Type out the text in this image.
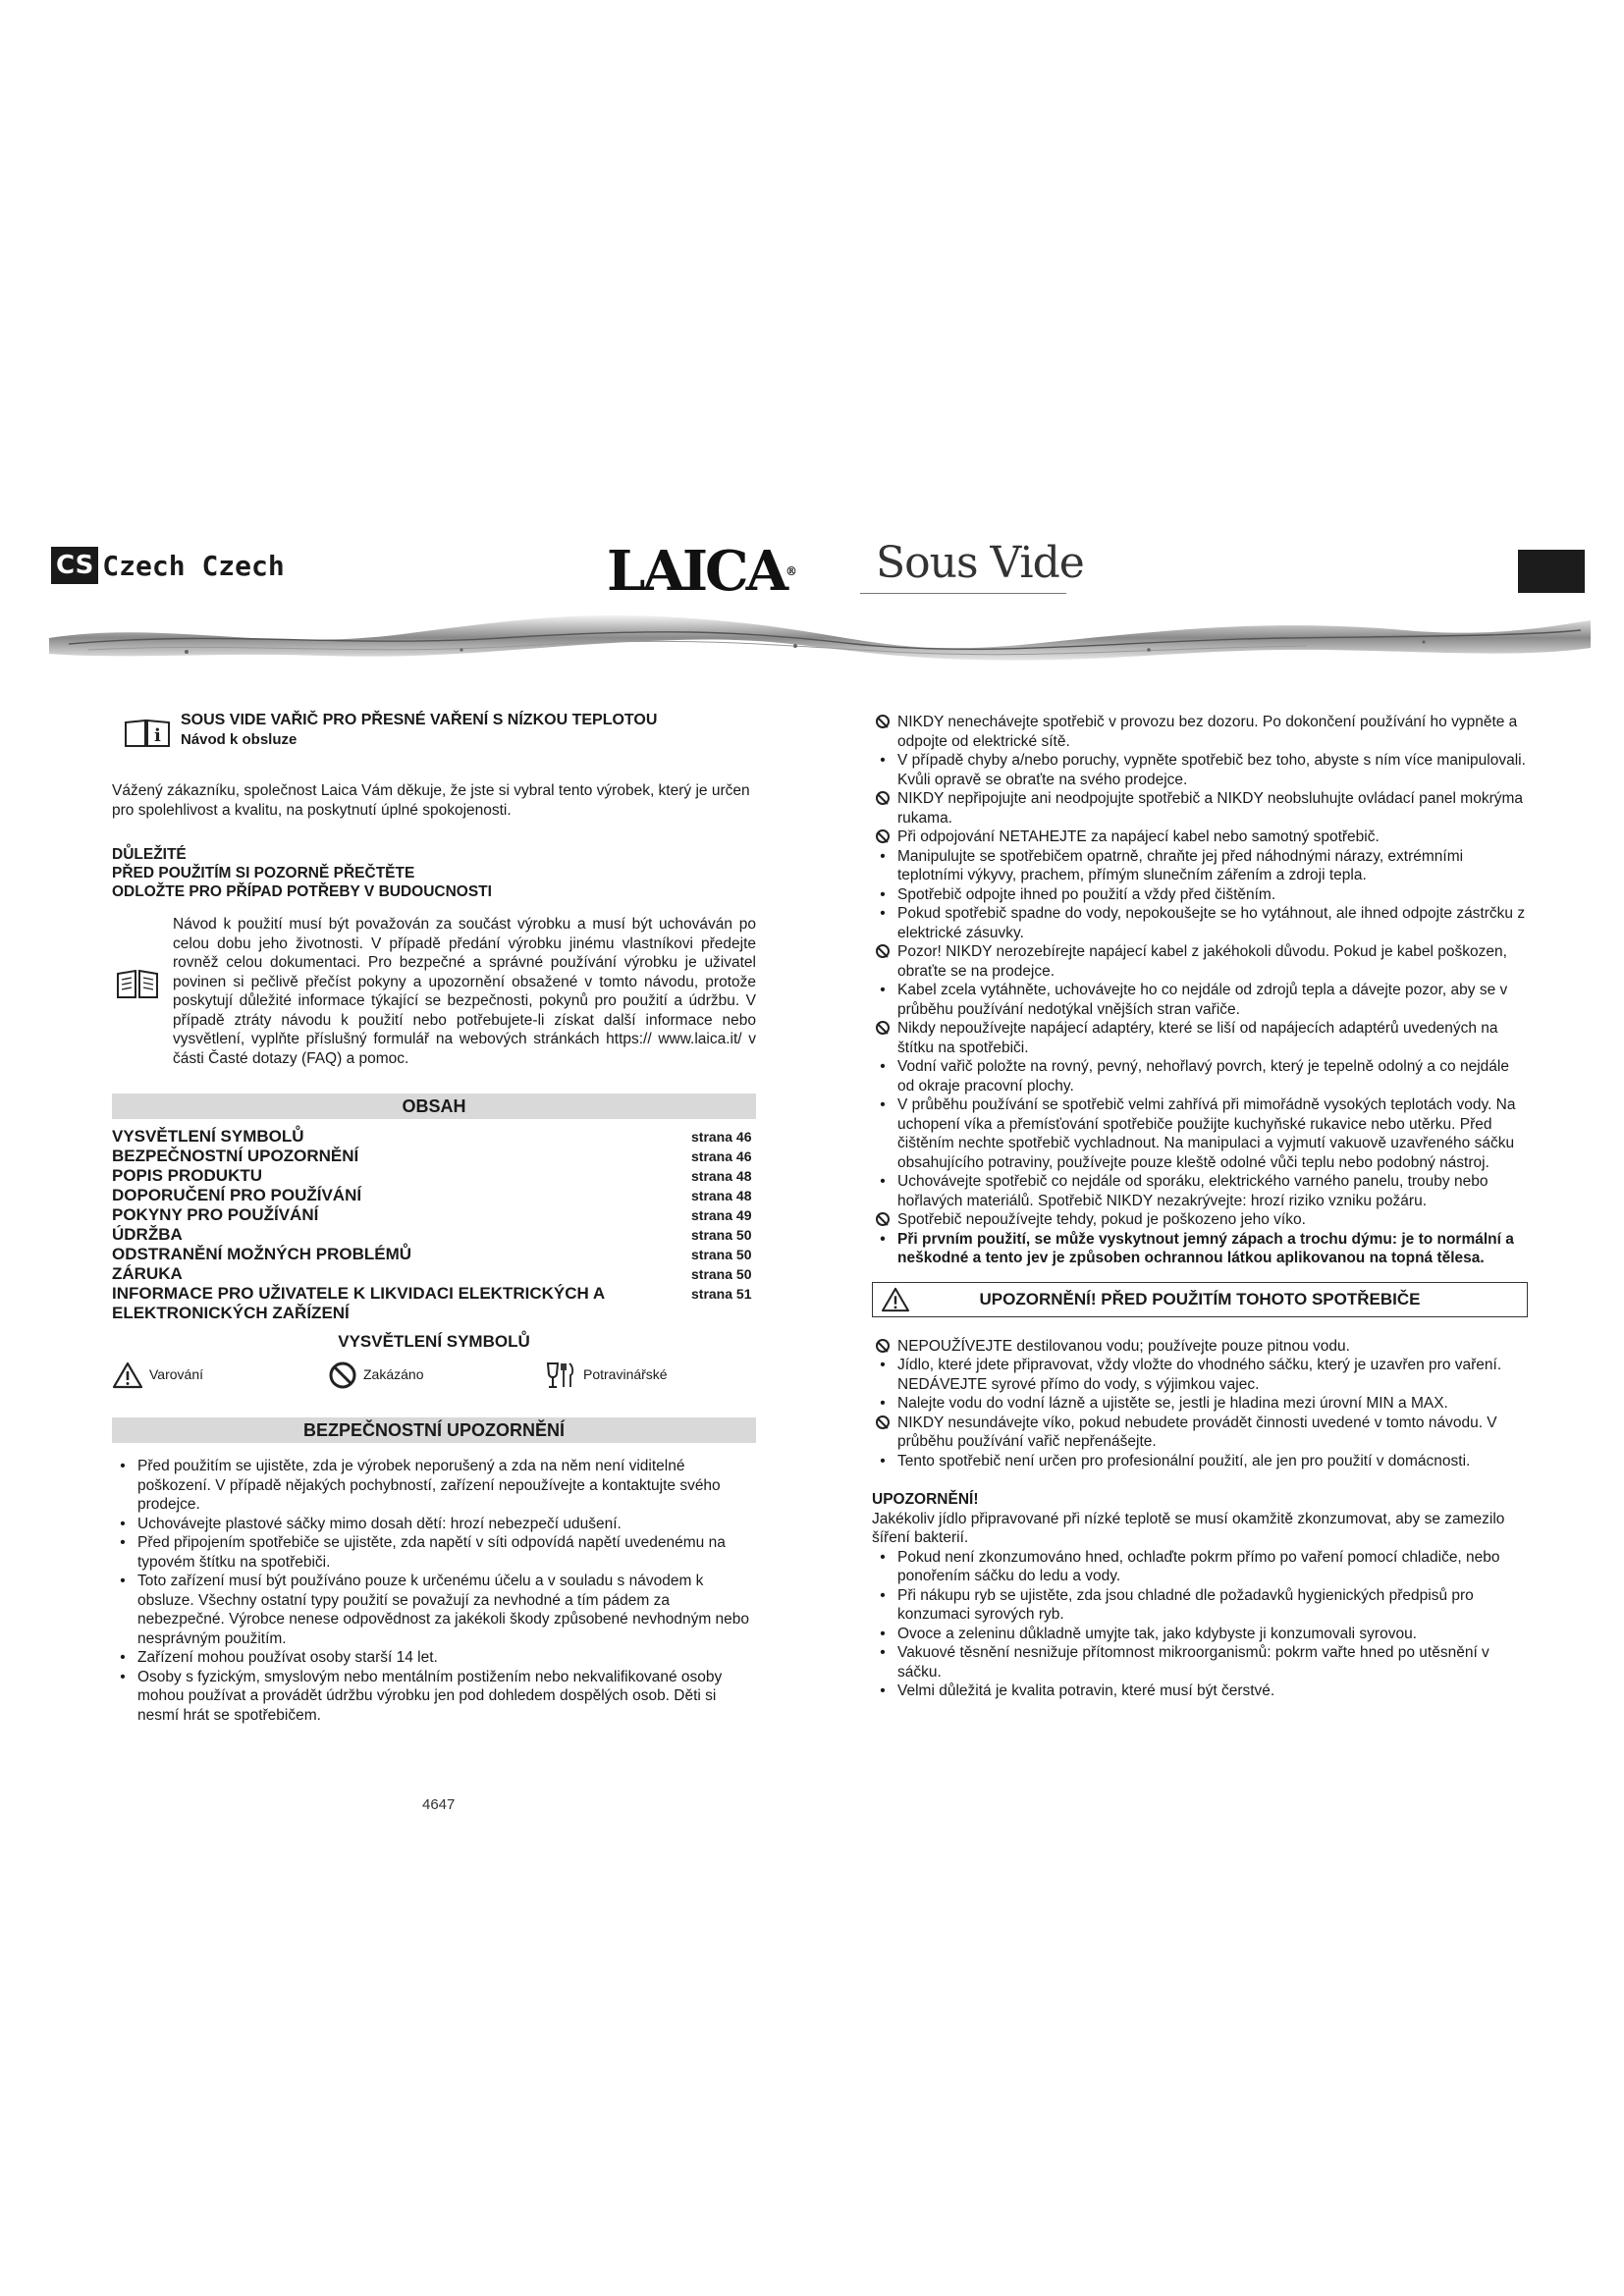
CS Czech Czech	LAICA® Sous Vide
i
SOUS VIDE VAŘIČ PRO PŘESNÉ VAŘENÍ S NÍZKOU TEPLOTOU
Návod k obsluze

Vážený zákazníku, společnost Laica Vám děkuje, že jste si vybral tento výrobek, který je určen pro spolehlivost a kvalitu, na poskytnutí úplné spokojenosti.

DŮLEŽITÉ
PŘED POUŽITÍM SI POZORNĚ PŘEČTĚTE
ODLOŽTE PRO PŘÍPAD POTŘEBY V BUDOUCNOSTI

Návod k použití musí být považován za součást výrobku a musí být uchováván po celou dobu jeho životnosti. V případě předání výrobku jinému vlastníkovi předejte rovněž celou dokumentaci. Pro bezpečné a správné používání výrobku je uživatel povinen si pečlivě přečíst pokyny a upozornění obsažené v tomto návodu, protože poskytují důležité informace týkající se bezpečnosti, pokynů pro použití a údržbu. V případě ztráty návodu k použití nebo potřebujete-li získat další informace nebo vysvětlení, vyplňte příslušný formulář na webových stránkách https:// www.laica.it/ v části Časté dotazy (FAQ) a pomoc.

OBSAH
VYSVĚTLENÍ SYMBOLŮ	strana 46
BEZPEČNOSTNÍ UPOZORNĚNÍ	strana 46
POPIS PRODUKTU	strana 48
DOPORUČENÍ PRO POUŽÍVÁNÍ	strana 48
POKYNY PRO POUŽÍVÁNÍ	strana 49
ÚDRŽBA	strana 50
ODSTRANĚNÍ MOŽNÝCH PROBLÉMŮ	strana 50
ZÁRUKA	strana 50
INFORMACE PRO UŽIVATELE K LIKVIDACI ELEKTRICKÝCH A ELEKTRONICKÝCH ZAŘÍZENÍ
strana 51
VYSVĚTLENÍ SYMBOLŮ
Varování	Zakázáno	Potravinářské
BEZPEČNOSTNÍ UPOZORNĚNÍ
• Před použitím se ujistěte, zda je výrobek neporušený a zda na něm není viditelné poškození. V případě nějakých pochybností, zařízení nepoužívejte a kontaktujte svého prodejce.
• Uchovávejte plastové sáčky mimo dosah dětí: hrozí nebezpečí udušení.
• Před připojením spotřebiče se ujistěte, zda napětí v síti odpovídá napětí uvedenému na typovém štítku na spotřebiči.
• Toto zařízení musí být používáno pouze k určenému účelu a v souladu s návodem k obsluze. Všechny ostatní typy použití se považují za nevhodné a tím pádem za nebezpečné. Výrobce nenese odpovědnost za jakékoli škody způsobené nevhodným nebo nesprávným použitím.
• Zařízení mohou používat osoby starší 14 let.
• Osoby s fyzickým, smyslovým nebo mentálním postižením nebo nekvalifikované osoby mohou používat a provádět údržbu výrobku jen pod dohledem dospělých osob. Děti si nesmí hrát se spotřebičem.
4647
NIKDY nenechávejte spotřebič v provozu bez dozoru. Po dokončení používání ho vypněte a odpojte od elektrické sítě.
• V případě chyby a/nebo poruchy, vypněte spotřebič bez toho, abyste s ním více manipulovali. Kvůli opravě se obraťte na svého prodejce.
NIKDY nepřipojujte ani neodpojujte spotřebič a NIKDY neobsluhujte ovládací panel mokrýma rukama.
Při odpojování NETAHEJTE za napájecí kabel nebo samotný spotřebič.
• Manipulujte se spotřebičem opatrně, chraňte jej před náhodnými nárazy, extrémními teplotními výkyvy, prachem, přímým slunečním zářením a zdroji tepla.
• Spotřebič odpojte ihned po použití a vždy před čištěním.
• Pokud spotřebič spadne do vody, nepokoušejte se ho vytáhnout, ale ihned odpojte zástrčku z elektrické zásuvky.
Pozor! NIKDY nerozebírejte napájecí kabel z jakéhokoli důvodu. Pokud je kabel poškozen, obraťte se na prodejce.
• Kabel zcela vytáhněte, uchovávejte ho co nejdále od zdrojů tepla a dávejte pozor, aby se v průběhu používání nedotýkal vnějších stran vařiče.
Nikdy nepoužívejte napájecí adaptéry, které se liší od napájecích adaptérů uvedených na štítku na spotřebiči.
• Vodní vařič položte na rovný, pevný, nehořlavý povrch, který je tepelně odolný a co nejdále od okraje pracovní plochy.
• V průběhu používání se spotřebič velmi zahřívá při mimořádně vysokých teplotách vody. Na uchopení víka a přemísťování spotřebiče použijte kuchyňské rukavice nebo utěrku. Před čištěním nechte spotřebič vychladnout. Na manipulaci a vyjmutí vakuově uzavřeného sáčku obsahujícího potraviny, používejte pouze kleště odolné vůči teplu nebo podobný nástroj.
• Uchovávejte spotřebič co nejdále od sporáku, elektrického varného panelu, trouby nebo hořlavých materiálů. Spotřebič NIKDY nezakrývejte: hrozí riziko vzniku požáru.
Spotřebič nepoužívejte tehdy, pokud je poškozeno jeho víko.
• Při prvním použití, se může vyskytnout jemný zápach a trochu dýmu: je to normální a neškodné a tento jev je způsoben ochrannou látkou aplikovanou na topná tělesa.
UPOZORNĚNÍ! PŘED POUŽITÍM TOHOTO SPOTŘEBIČE
NEPOUŽÍVEJTE destilovanou vodu; používejte pouze pitnou vodu.
• Jídlo, které jdete připravovat, vždy vložte do vhodného sáčku, který je uzavřen pro vaření. NEDÁVEJTE syrové přímo do vody, s výjimkou vajec.
• Nalejte vodu do vodní lázně a ujistěte se, jestli je hladina mezi úrovní MIN a MAX.
NIKDY nesundávejte víko, pokud nebudete provádět činnosti uvedené v tomto návodu. V průběhu používání vařič nepřenášejte.
• Tento spotřebič není určen pro profesionální použití, ale jen pro použití v domácnosti.
UPOZORNĚNÍ!

Jakékoliv jídlo připravované při nízké teplotě se musí okamžitě zkonzumovat, aby se zamezilo šíření bakterií.

• Pokud není zkonzumováno hned, ochlaďte pokrm přímo po vaření pomocí chladiče, nebo ponořením sáčku do ledu a vody.
• Při nákupu ryb se ujistěte, zda jsou chladné dle požadavků hygienických předpisů pro konzumaci syrových ryb.
• Ovoce a zeleninu důkladně umyjte tak, jako kdybyste ji konzumovali syrovou.
• Vakuové těsnění nesnižuje přítomnost mikroorganismů: pokrm vařte hned po utěsnění v sáčku.
• Velmi důležitá je kvalita potravin, které musí být čerstvé.
